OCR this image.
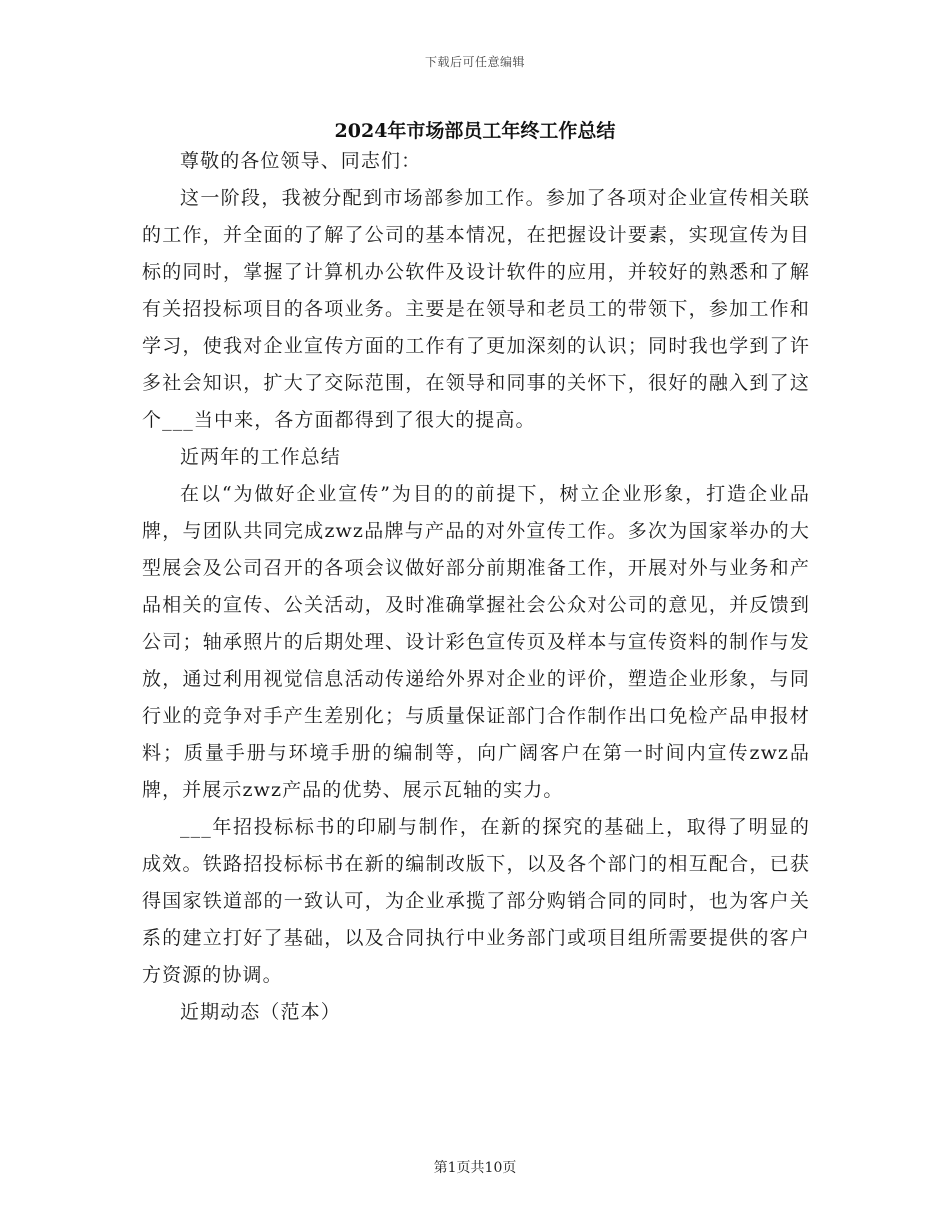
下载后可任意编辑
2024年市场部员工年终工作总结

尊敬的各位领导、同志们：

这一阶段，我被分配到市场部参加工作。参加了各项对企业宣传相关联的工作，并全面的了解了公司的基本情况，在把握设计要素，实现宣传为目标的同时，掌握了计算机办公软件及设计软件的应用，并较好的熟悉和了解有关招投标项目的各项业务。主要是在领导和老员工的带领下，参加工作和学习，使我对企业宣传方面的工作有了更加深刻的认识；同时我也学到了许多社会知识，扩大了交际范围，在领导和同事的关怀下，很好的融入到了这个___当中来，各方面都得到了很大的提高。

近两年的工作总结

在以“为做好企业宣传”为目的的前提下，树立企业形象，打造企业品牌，与团队共同完成zwz品牌与产品的对外宣传工作。多次为国家举办的大型展会及公司召开的各项会议做好部分前期准备工作，开展对外与业务和产品相关的宣传、公关活动，及时准确掌握社会公众对公司的意见，并反馈到公司；轴承照片的后期处理、设计彩色宣传页及样本与宣传资料的制作与发放，通过利用视觉信息活动传递给外界对企业的评价，塑造企业形象，与同行业的竞争对手产生差别化；与质量保证部门合作制作出口免检产品申报材料；质量手册与环境手册的编制等，向广阔客户在第一时间内宣传zwz品牌，并展示zwz产品的优势、展示瓦轴的实力。

___年招投标标书的印刷与制作，在新的探究的基础上，取得了明显的成效。铁路招投标标书在新的编制改版下，以及各个部门的相互配合，已获得国家铁道部的一致认可，为企业承揽了部分购销合同的同时，也为客户关系的建立打好了基础，以及合同执行中业务部门或项目组所需要提供的客户方资源的协调。

近期动态（范本）

第1页共10页
